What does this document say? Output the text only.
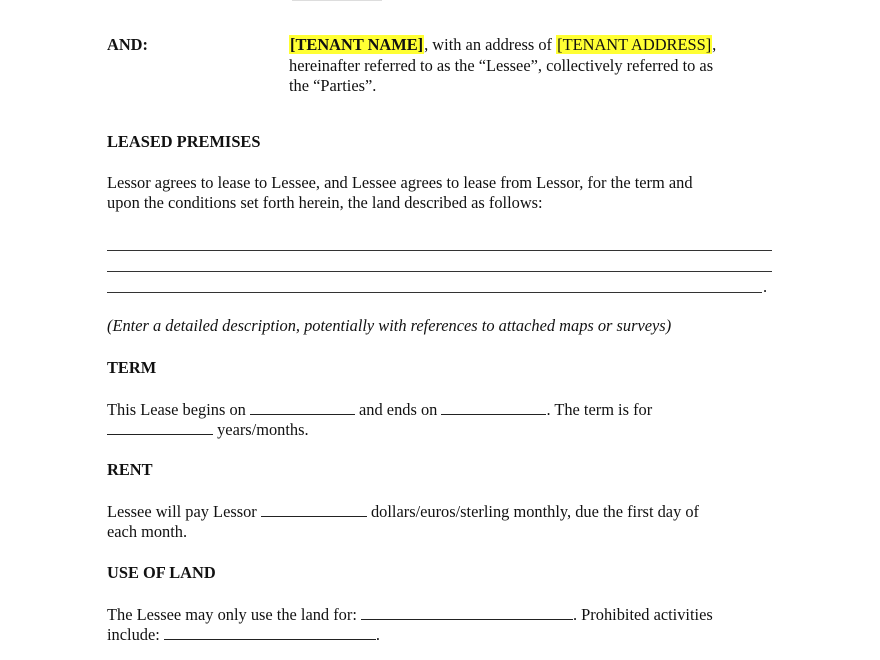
AND:	[TENANT NAME], with an address of [TENANT ADDRESS],
hereinafter referred to as the “Lessee”, collectively referred to as
the “Parties”.
LEASED PREMISES
Lessor agrees to lease to Lessee, and Lessee agrees to lease from Lessor, for the term and
upon the conditions set forth herein, the land described as follows:
.
(Enter a detailed description, potentially with references to attached maps or surveys)
TERM
This Lease begins on	and ends on	. The term is for
years/months.
RENT
Lessee will pay Lessor	dollars/euros/sterling monthly, due the first day of
each month.
USE OF LAND
The Lessee may only use the land for:	. Prohibited activities
include:	.
